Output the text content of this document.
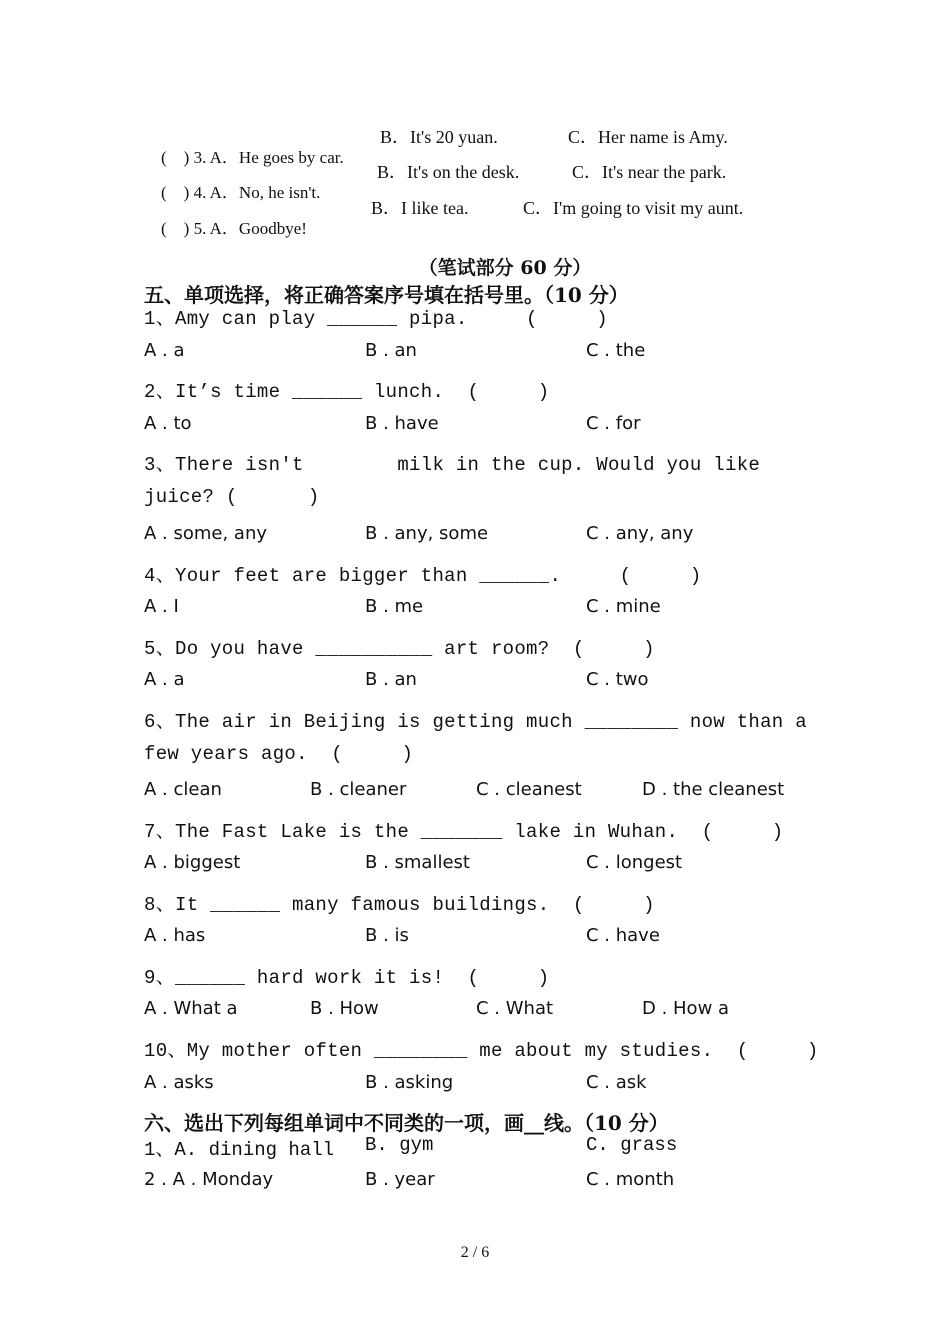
(    ) 3. A．He goes by car.

B．It's 20 yuan.

	C．Her name is Amy.

(    ) 4. A．No, he isn't.

B．It's on the desk.

	C．It's near the park.

(    ) 5. A．Goodbye!

B．I like tea.

	C．I'm going to visit my aunt.

（笔试部分 60 分）
五、单项选择，将正确答案序号填在括号里。（10 分）
1、Amy can play ______ pipa.     (     )
A . a	B . an	C . the
2、It’s time ______ lunch.  (     )
A . to	B . have	C . for
3、There isn't        milk in the cup. Would you like
juice? (      )
A . some, any	B . any, some	C . any, any
4、Your feet are bigger than ______.     (     )
A . I	B . me	C . mine
5、Do you have __________ art room?  (     )
A . a	B . an	C . two
6、The air in Beijing is getting much ________ now than a
few years ago.  (     )
A . clean	B . cleaner	C . cleanest	D . the cleanest
7、The Fast Lake is the _______ lake in Wuhan.  (     )
A . biggest	B . smallest	C . longest
8、It ______ many famous buildings.  (     )
A . has	B . is	C . have
9、______ hard work it is!  (     )
A . What a	B . How	C . What	D . How a
10、My mother often ________ me about my studies.  (     )
A . asks	B . asking	C . ask
六、选出下列每组单词中不同类的一项，画__线。（10 分）
1、A. dining hall B. gym	C. grass
2 . A . Monday	B . year	C . month
2 / 6
